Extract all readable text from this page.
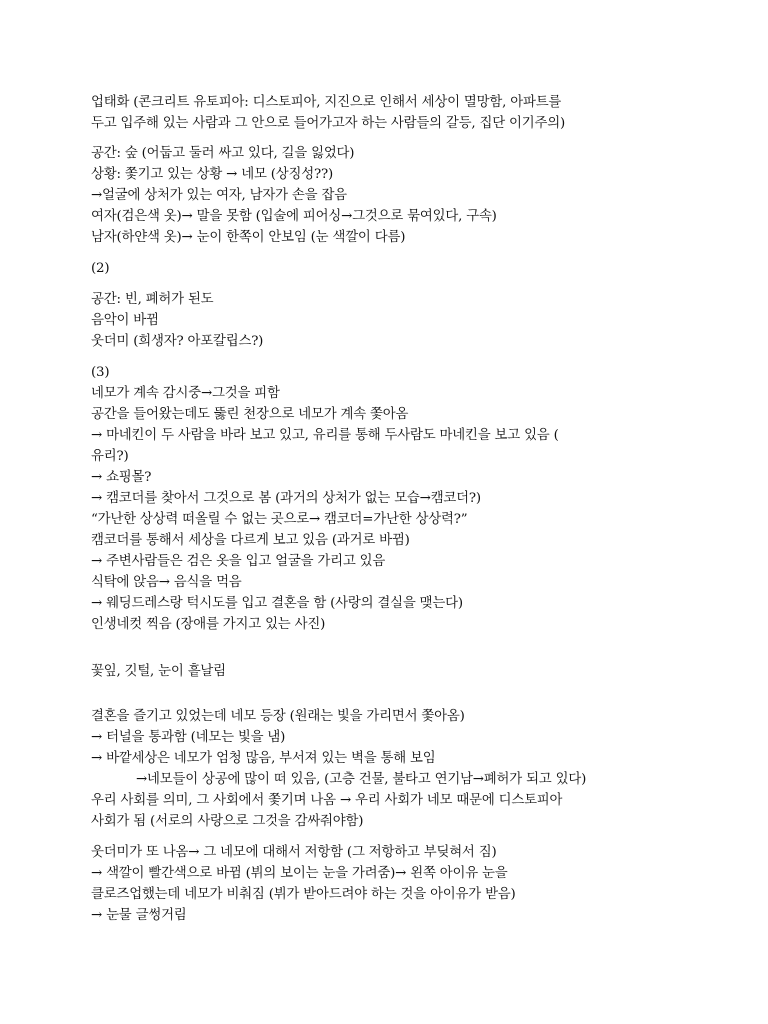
업태화 (콘크리트 유토피아: 디스토피아, 지진으로 인해서 세상이 멸망함, 아파트를
두고 입주해 있는 사람과 그 안으로 들어가고자 하는 사람들의 갈등, 집단 이기주의)
공간: 숲 (어둡고 둘러 싸고 있다, 길을 잃었다)
상황: 쫓기고 있는 상황 → 네모 (상징성??)
→얼굴에 상처가 있는 여자, 남자가 손을 잡음
여자(검은색 옷)→ 말을 못함 (입술에 피어싱→그것으로 묶여있다, 구속)
남자(하얀색 옷)→ 눈이 한쪽이 안보임 (눈 색깔이 다름)
(2)
공간: 빈, 폐허가 된도
음악이 바뀜
웃더미 (희생자? 아포칼립스?)
(3)
네모가 계속 감시중→그것을 피함
공간을 들어왔는데도 뚫린 천장으로 네모가 계속 쫓아옴
→ 마네킨이 두 사람을 바라 보고 있고, 유리를 통해 두사람도 마네킨을 보고 있음 (
유리?)
→ 쇼핑몰?
→ 캠코더를 찾아서 그것으로 봄 (과거의 상처가 없는 모습→캠코더?)
“가난한 상상력 떠올릴 수 없는 곳으로→ 캠코더=가난한 상상력?”
캠코더를 통해서 세상을 다르게 보고 있음 (과거로 바뀜)
→ 주변사람들은 검은 옷을 입고 얼굴을 가리고 있음
식탁에 앉음→ 음식을 먹음
→ 웨딩드레스랑 턱시도를 입고 결혼을 함 (사랑의 결실을 맺는다)
인생네컷 찍음 (장애를 가지고 있는 사진)
꽃잎, 깃털, 눈이 흩날림
결혼을 즐기고 있었는데 네모 등장 (원래는 빛을 가리면서 쫓아옴)
→ 터널을 통과함 (네모는 빛을 냄)
→ 바깥세상은 네모가 엄청 많음, 부서져 있는 벽을 통해 보임
→네모들이 상공에 많이 떠 있음, (고층 건물, 불타고 연기남→폐허가 되고 있다)
우리 사회를 의미, 그 사회에서 쫓기며 나옴 → 우리 사회가 네모 때문에 디스토피아
사회가 됨 (서로의 사랑으로 그것을 감싸줘야함)
웃더미가 또 나옴→ 그 네모에 대해서 저항함 (그 저항하고 부딪혀서 짐)
→ 색깔이 빨간색으로 바뀜 (뷔의 보이는 눈을 가려줌)→ 왼쪽 아이유 눈을
클로즈업했는데 네모가 비춰짐 (뷔가 받아드려야 하는 것을 아이유가 받음)
→ 눈물 글썽거림
